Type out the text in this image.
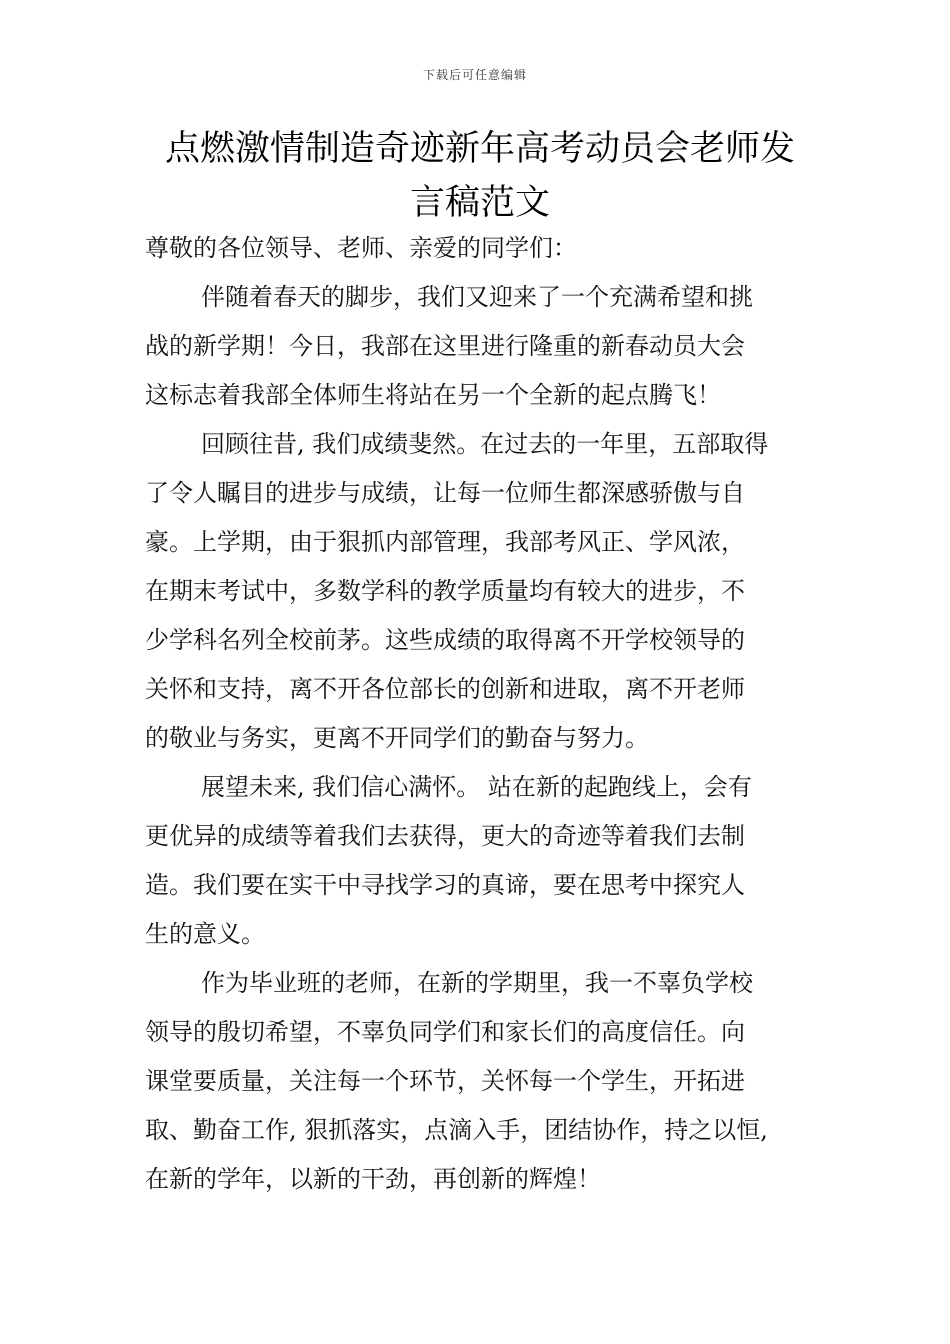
下载后可任意编辑
点燃激情制造奇迹新年高考动员会老师发
言稿范文

尊敬的各位领导、老师、亲爱的同学们：

伴随着春天的脚步，我们又迎来了一个充满希望和挑
战的新学期！今日，我部在这里进行隆重的新春动员大会
这标志着我部全体师生将站在另一个全新的起点腾飞！

回顾往昔, 我们成绩斐然。在过去的一年里，五部取得
了令人瞩目的进步与成绩，让每一位师生都深感骄傲与自
豪。上学期，由于狠抓内部管理，我部考风正、学风浓，
在期末考试中，多数学科的教学质量均有较大的进步，不
少学科名列全校前茅。这些成绩的取得离不开学校领导的
关怀和支持，离不开各位部长的创新和进取，离不开老师
的敬业与务实，更离不开同学们的勤奋与努力。

展望未来, 我们信心满怀。 站在新的起跑线上，会有
更优异的成绩等着我们去获得，更大的奇迹等着我们去制
造。我们要在实干中寻找学习的真谛，要在思考中探究人
生的意义。

作为毕业班的老师，在新的学期里，我一不辜负学校
领导的殷切希望，不辜负同学们和家长们的高度信任。向
课堂要质量，关注每一个环节，关怀每一个学生，开拓进
取、勤奋工作, 狠抓落实，点滴入手，团结协作，持之以恒,
在新的学年，以新的干劲，再创新的辉煌！
